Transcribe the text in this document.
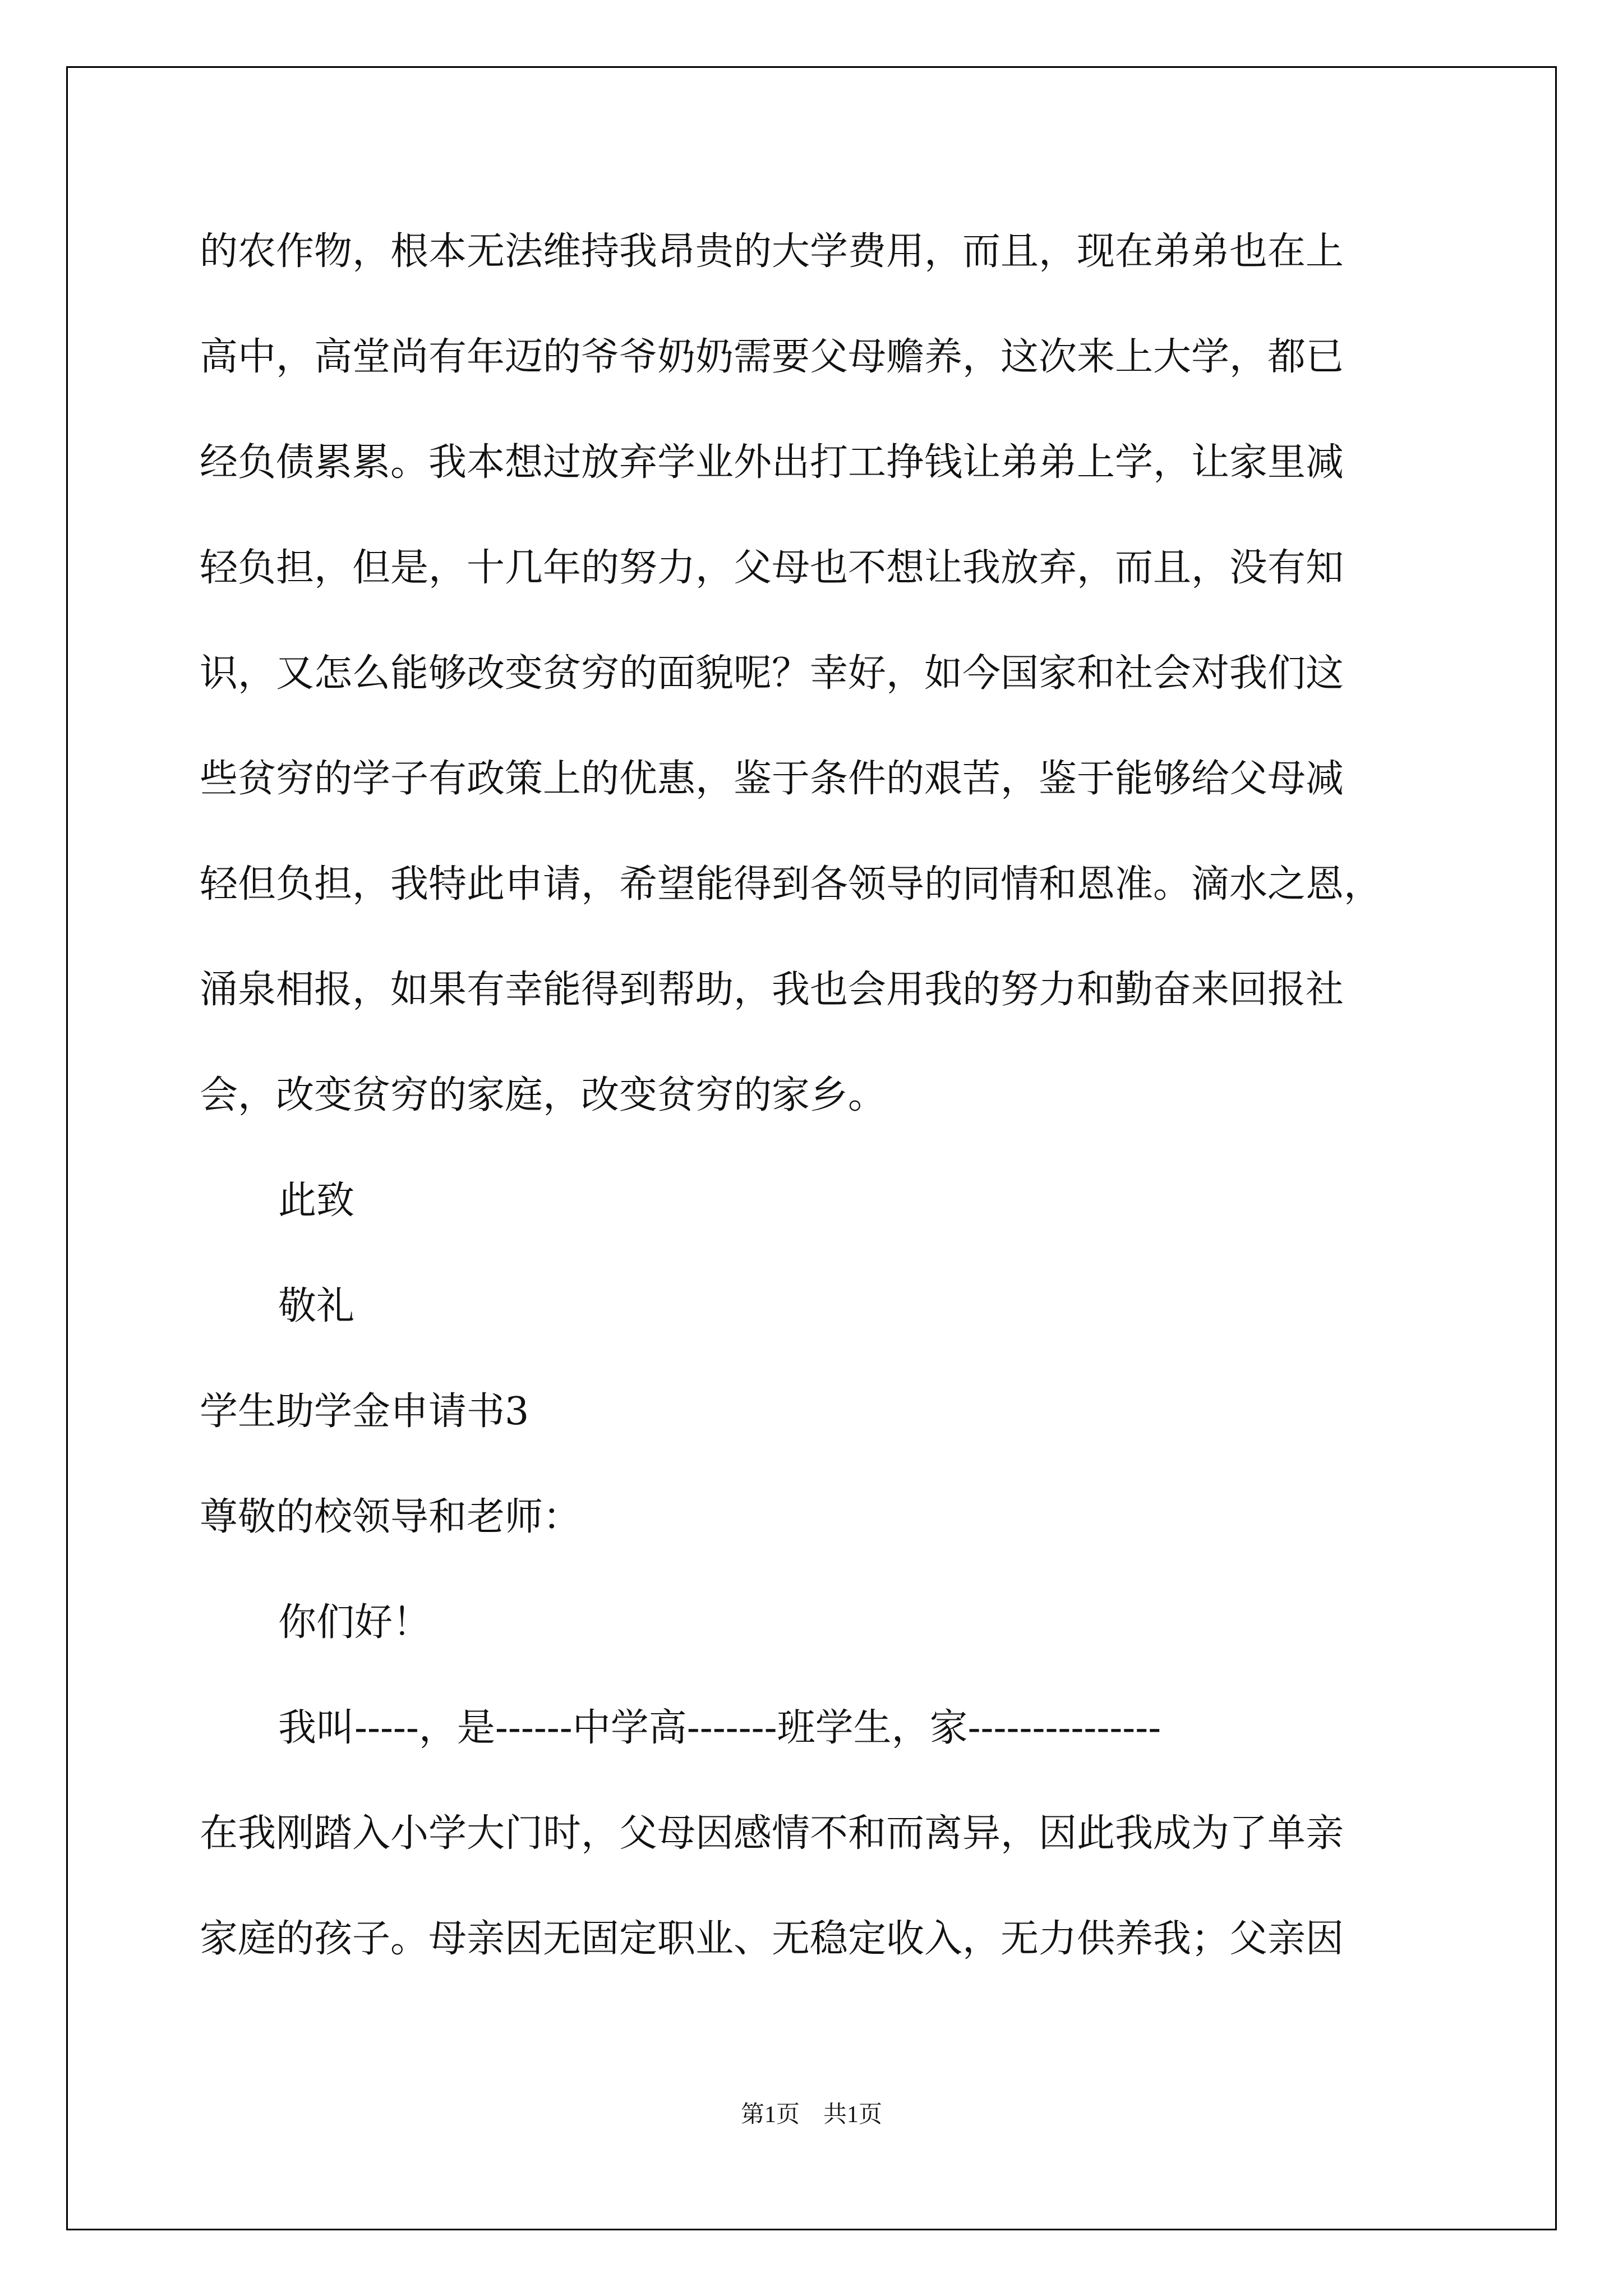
的农作物，根本无法维持我昂贵的大学费用，而且，现在弟弟也在上
高中，高堂尚有年迈的爷爷奶奶需要父母赡养，这次来上大学，都已
经负债累累。我本想过放弃学业外出打工挣钱让弟弟上学，让家里减
轻负担，但是，十几年的努力，父母也不想让我放弃，而且，没有知
识，又怎么能够改变贫穷的面貌呢？幸好，如今国家和社会对我们这
些贫穷的学子有政策上的优惠，鉴于条件的艰苦，鉴于能够给父母减
轻但负担，我特此申请，希望能得到各领导的同情和恩准。滴水之恩，
涌泉相报，如果有幸能得到帮助，我也会用我的努力和勤奋来回报社
会，改变贫穷的家庭，改变贫穷的家乡。
此致
敬礼
学生助学金申请书3
尊敬的校领导和老师：
你们好！
我叫-----，是------中学高-------班学生，家---------------
在我刚踏入小学大门时，父母因感情不和而离异，因此我成为了单亲
家庭的孩子。母亲因无固定职业、无稳定收入，无力供养我；父亲因
第1页　共1页
